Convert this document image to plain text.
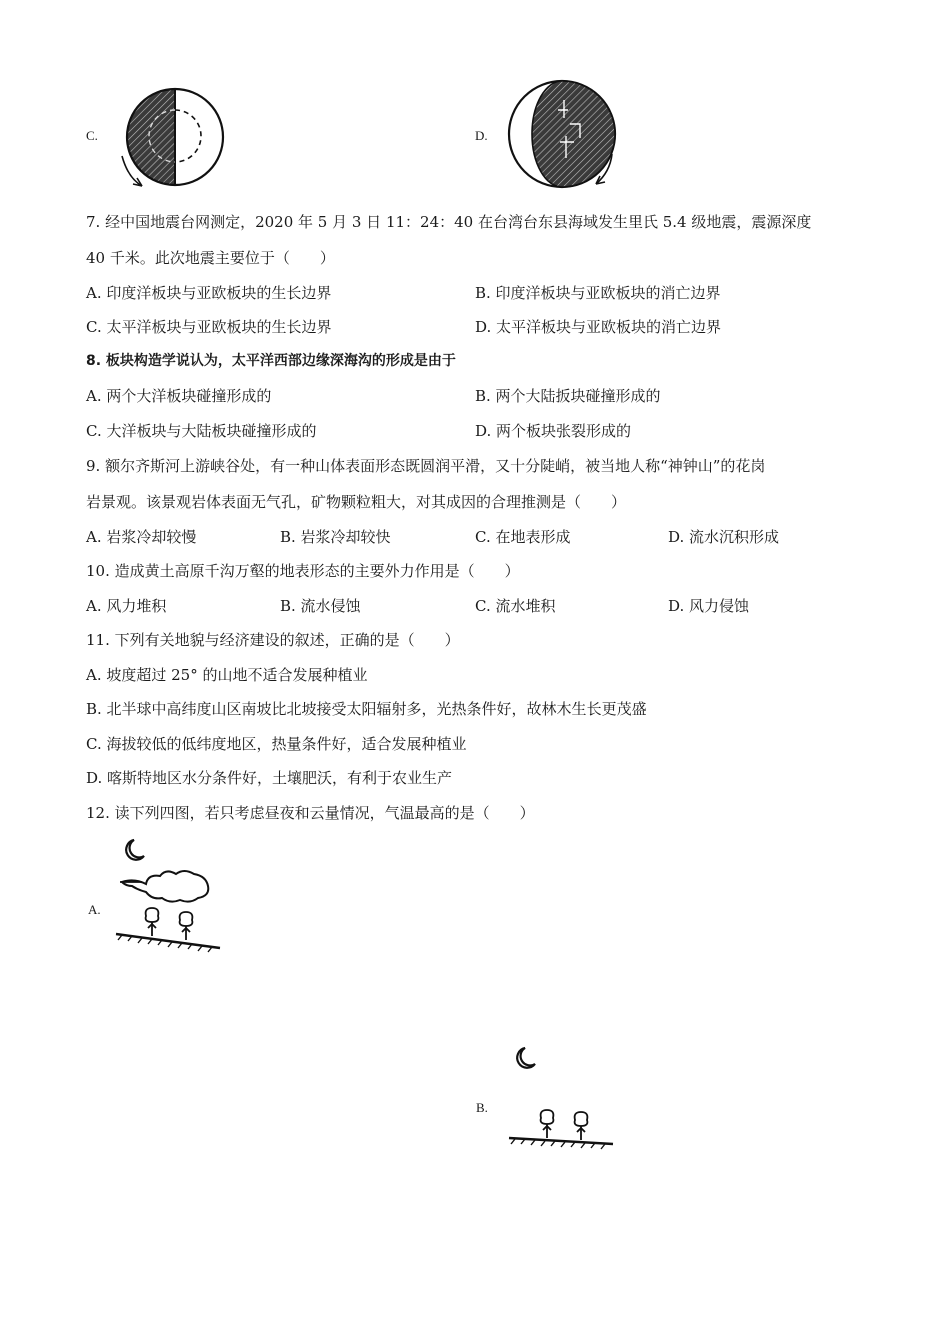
C.	D.
7. 经中国地震台网测定，2020 年 5 月 3 日 11：24：40 在台湾台东县海域发生里氏 5.4 级地震，震源深度
40 千米。此次地震主要位于（　　）
A. 印度洋板块与亚欧板块的生长边界	B. 印度洋板块与亚欧板块的消亡边界
C. 太平洋板块与亚欧板块的生长边界	D. 太平洋板块与亚欧板块的消亡边界
8. 板块构造学说认为，太平洋西部边缘深海沟的形成是由于
A. 两个大洋板块碰撞形成的	B. 两个大陆扳块碰撞形成的
C. 大洋板块与大陆板块碰撞形成的	D. 两个板块张裂形成的
9. 额尔齐斯河上游峡谷处，有一种山体表面形态既圆润平滑，又十分陡峭，被当地人称“神钟山”的花岗
岩景观。该景观岩体表面无气孔，矿物颗粒粗大，对其成因的合理推测是（　　）
A. 岩浆冷却较慢	B. 岩浆冷却较快	C. 在地表形成	D. 流水沉积形成
10. 造成黄土高原千沟万壑的地表形态的主要外力作用是（　　）
A. 风力堆积	B. 流水侵蚀	C. 流水堆积	D. 风力侵蚀
11. 下列有关地貌与经济建设的叙述，正确的是（　　）
A. 坡度超过 25° 的山地不适合发展种植业
B. 北半球中高纬度山区南坡比北坡接受太阳辐射多，光热条件好，故林木生长更茂盛
C. 海拔较低的低纬度地区，热量条件好，适合发展种植业
D. 喀斯特地区水分条件好，土壤肥沃，有利于农业生产
12. 读下列四图，若只考虑昼夜和云量情况，气温最高的是（　　）
A.
B.
